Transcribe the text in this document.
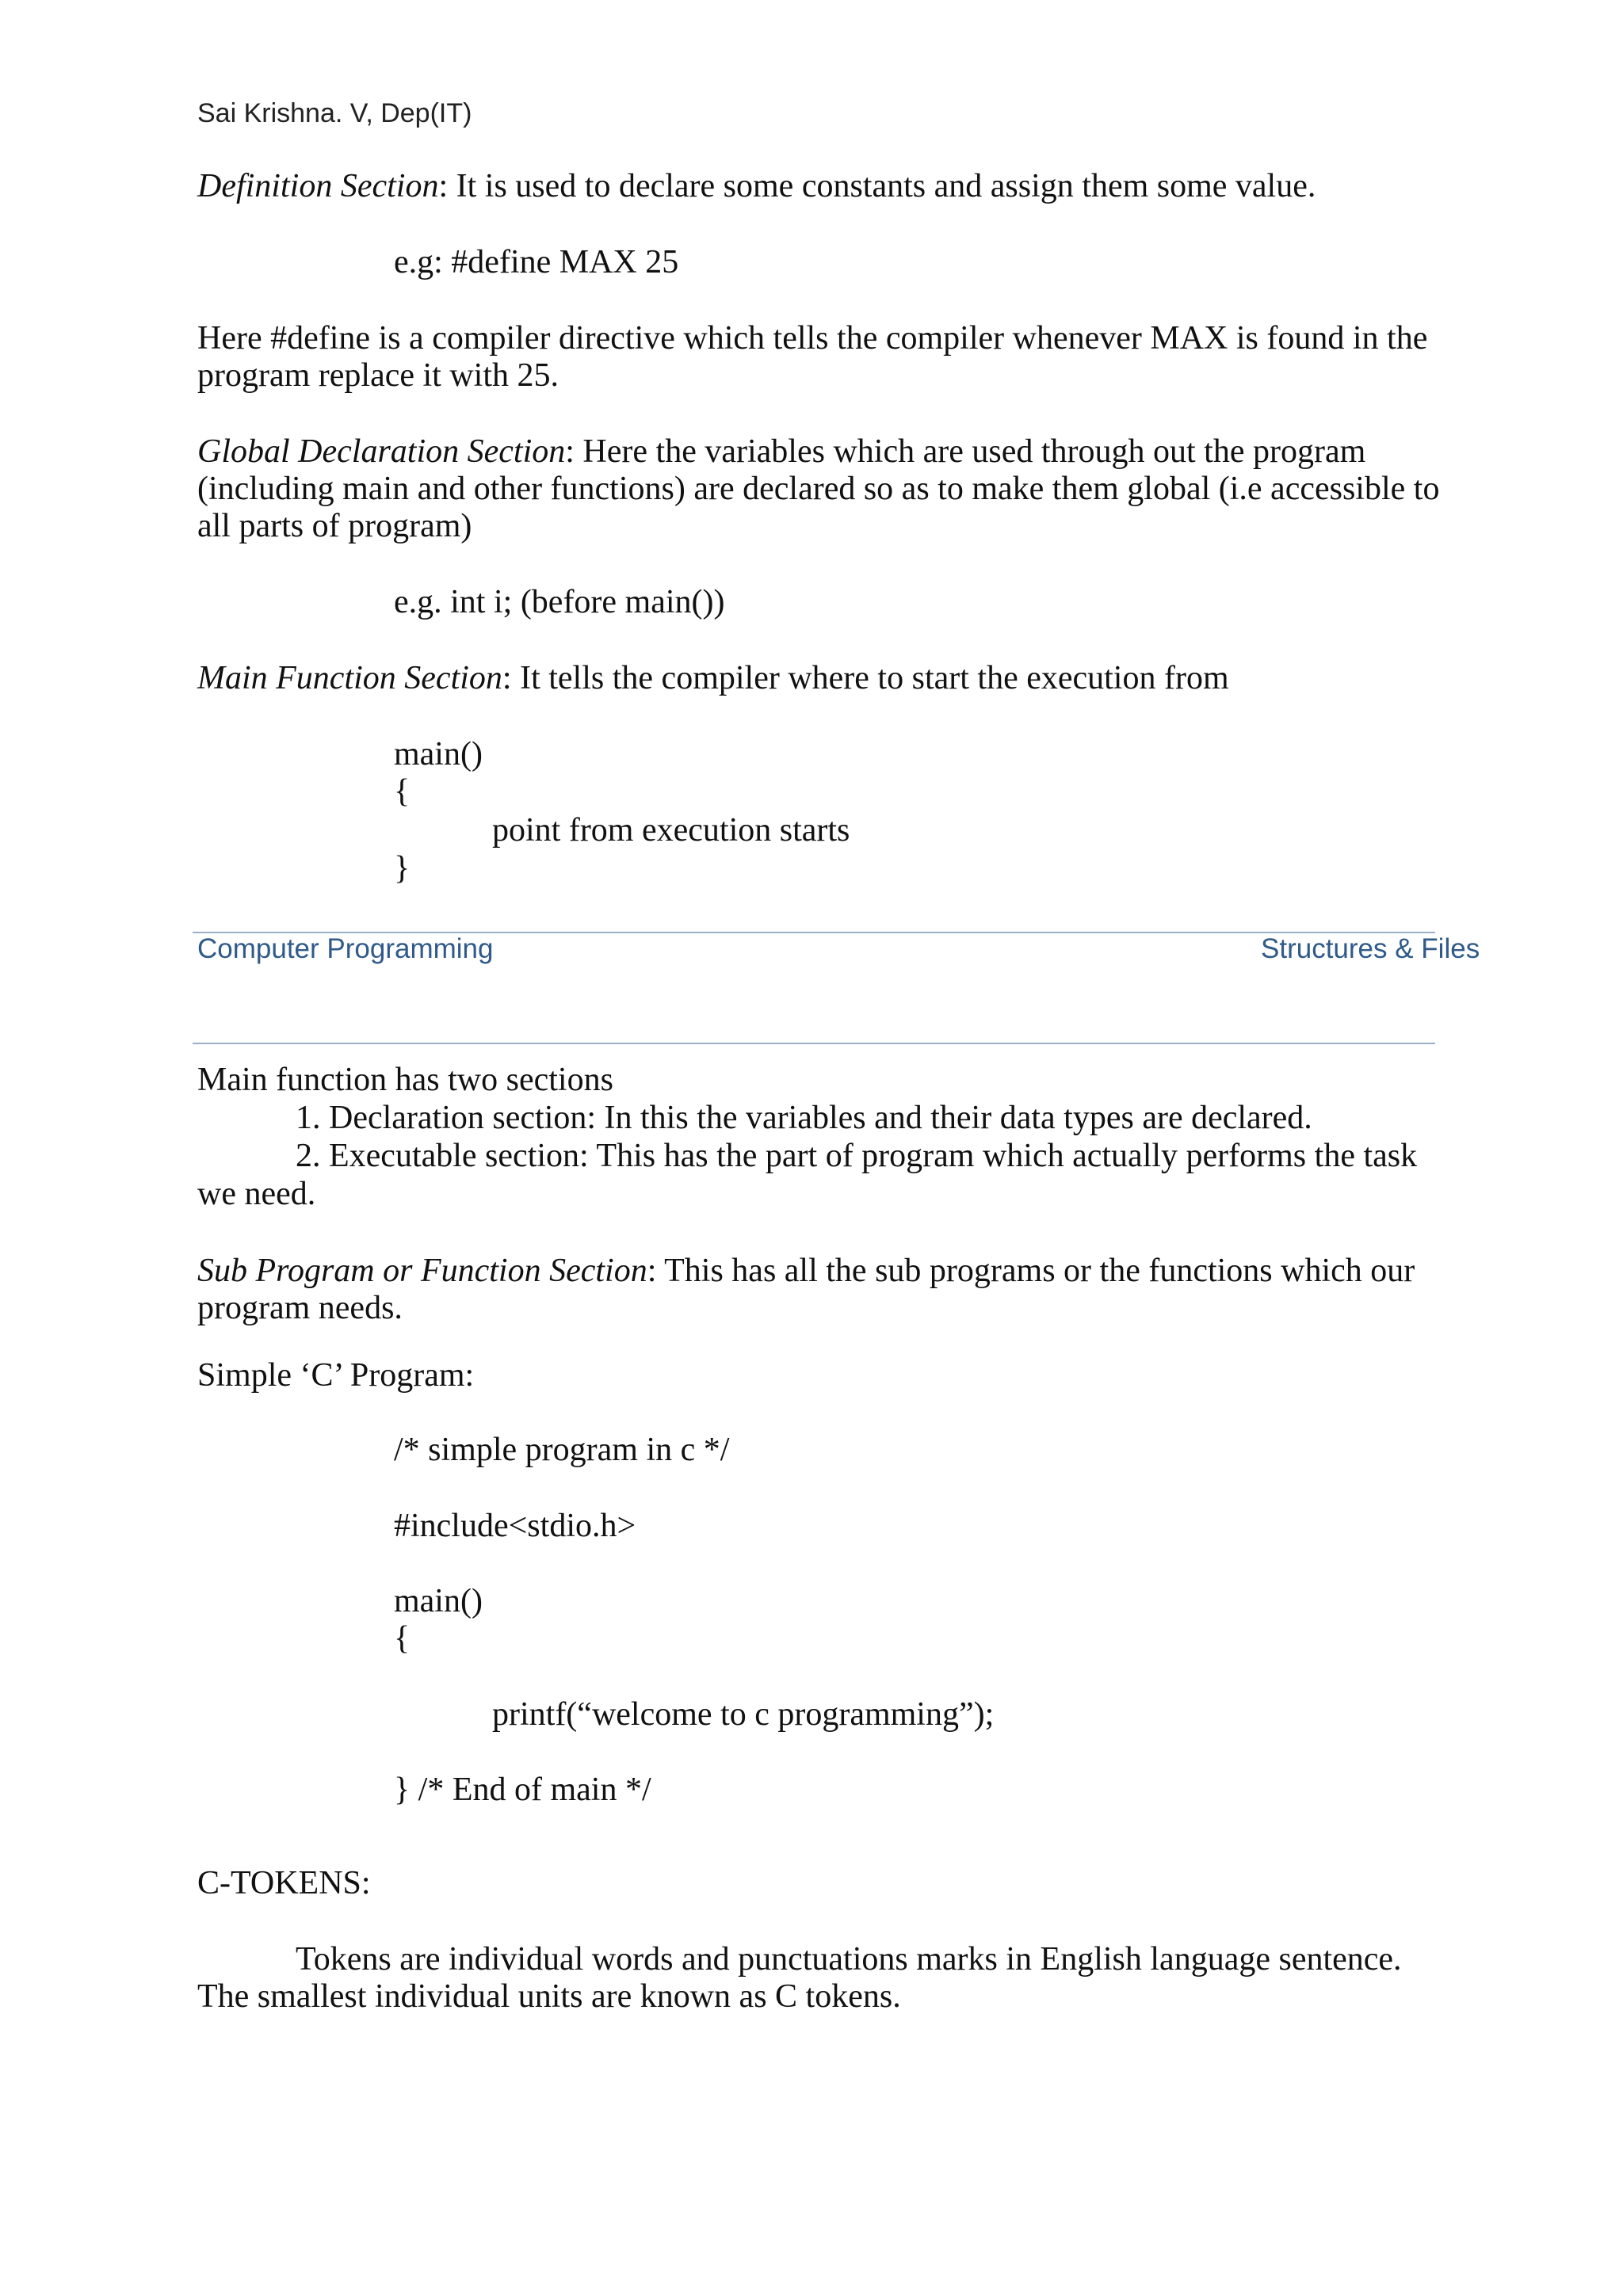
Sai Krishna. V, Dep(IT)
Definition Section: It is used to declare some constants and assign them some value.
e.g: #define MAX 25
Here #define is a compiler directive which tells the compiler whenever MAX is found in the
program replace it with 25.
Global Declaration Section: Here the variables which are used through out the program
(including main and other functions) are declared so as to make them global (i.e accessible to
all parts of program)
e.g. int i; (before main())
Main Function Section: It tells the compiler where to start the execution from
main()
{
point from execution starts
}
Computer Programming	Structures & Files
Main function has two sections
1. Declaration section: In this the variables and their data types are declared.
2. Executable section: This has the part of program which actually performs the task
we need.
Sub Program or Function Section: This has all the sub programs or the functions which our
program needs.
Simple ‘C’ Program:
/* simple program in c */
#include<stdio.h>
main()
{
printf(“welcome to c programming”);
} /* End of main */
C-TOKENS:
Tokens are individual words and punctuations marks in English language sentence.
The smallest individual units are known as C tokens.
